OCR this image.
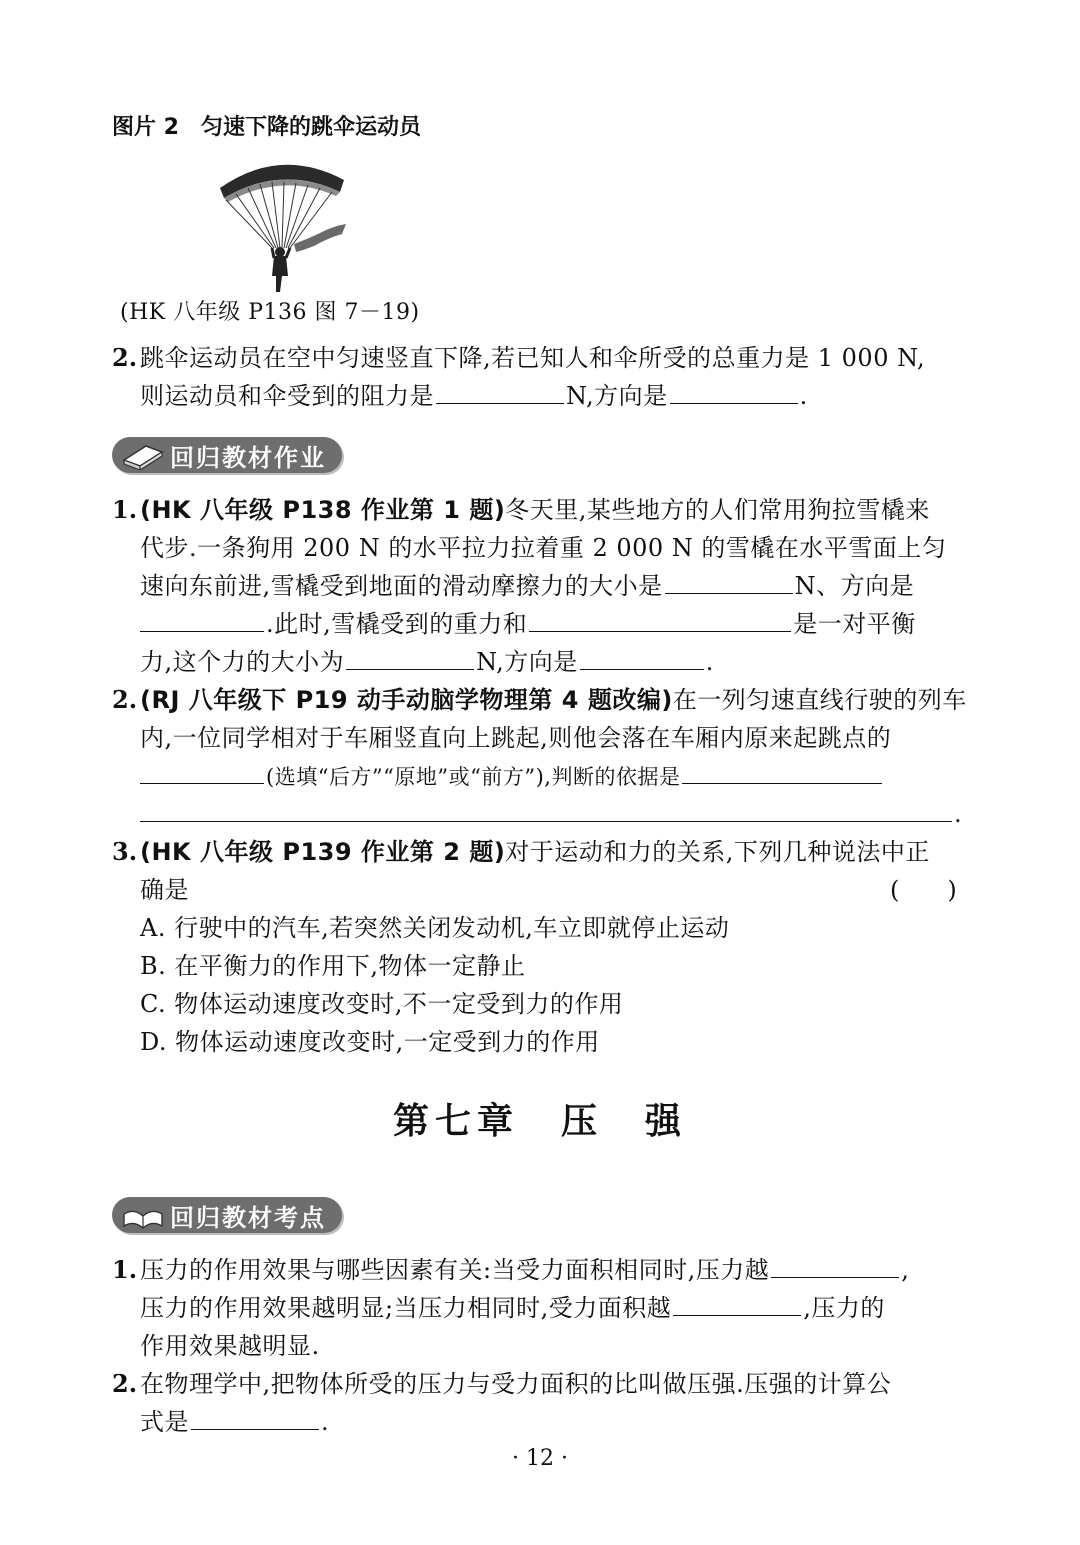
图片 2　匀速下降的跳伞运动员
(HK 八年级 P136 图 7－19)
2. 跳伞运动员在空中匀速竖直下降,若已知人和伞所受的总重力是 1 000 N,
则运动员和伞受到的阻力是	N,方向是	.
回归教材作业
1. (HK 八年级 P138 作业第 1 题)冬天里,某些地方的人们常用狗拉雪橇来
代步.一条狗用 200 N 的水平拉力拉着重 2 000 N 的雪橇在水平雪面上匀
速向东前进,雪橇受到地面的滑动摩擦力的大小是	N、方向是
.此时,雪橇受到的重力和	是一对平衡
力,这个力的大小为	N,方向是	.
2. (RJ 八年级下 P19 动手动脑学物理第 4 题改编)在一列匀速直线行驶的列车
内,一位同学相对于车厢竖直向上跳起,则他会落在车厢内原来起跳点的
(选填“后方”“原地”或“前方”),判断的依据是
.
3. (HK 八年级 P139 作业第 2 题)对于运动和力的关系,下列几种说法中正
确是	(　　)
A. 行驶中的汽车,若突然关闭发动机,车立即就停止运动
B. 在平衡力的作用下,物体一定静止
C. 物体运动速度改变时,不一定受到力的作用
D. 物体运动速度改变时,一定受到力的作用
第七章　压　强
回归教材考点
1. 压力的作用效果与哪些因素有关:当受力面积相同时,压力越	,
压力的作用效果越明显;当压力相同时,受力面积越	,压力的
作用效果越明显.
2. 在物理学中,把物体所受的压力与受力面积的比叫做压强.压强的计算公
式是	.
· 12 ·
